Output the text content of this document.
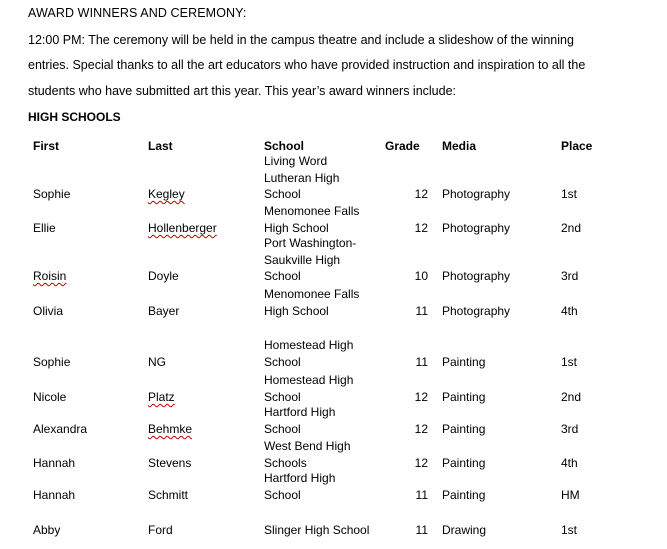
AWARD WINNERS AND CEREMONY:
12:00 PM: The ceremony will be held in the campus theatre and include a slideshow of the winning
entries. Special thanks to all the art educators who have provided instruction and inspiration to all the
students who have submitted art this year. This year’s award winners include:
HIGH SCHOOLS
First	Last	School	Grade Media	Place
Sophie	Kegley
Living Word
Lutheran High
School	12 Photography	1st
Ellie	Hollenberger
Menomonee Falls
High School	12 Photography	2nd
Roisin	Doyle
Port Washington-
Saukville High
School	10 Photography	3rd
Olivia	Bayer
Menomonee Falls
High School	11 Photography	4th
Sophie	NG
Homestead High
School	11 Painting	1st
Nicole	Platz
Homestead High
School	12 Painting	2nd
Alexandra	Behmke
Hartford High
School	12 Painting	3rd
Hannah	Stevens
West Bend High
Schools	12 Painting	4th
Hannah	Schmitt
Hartford High
School	11 Painting	HM
Abby	Ford	Slinger High School	11 Drawing	1st
